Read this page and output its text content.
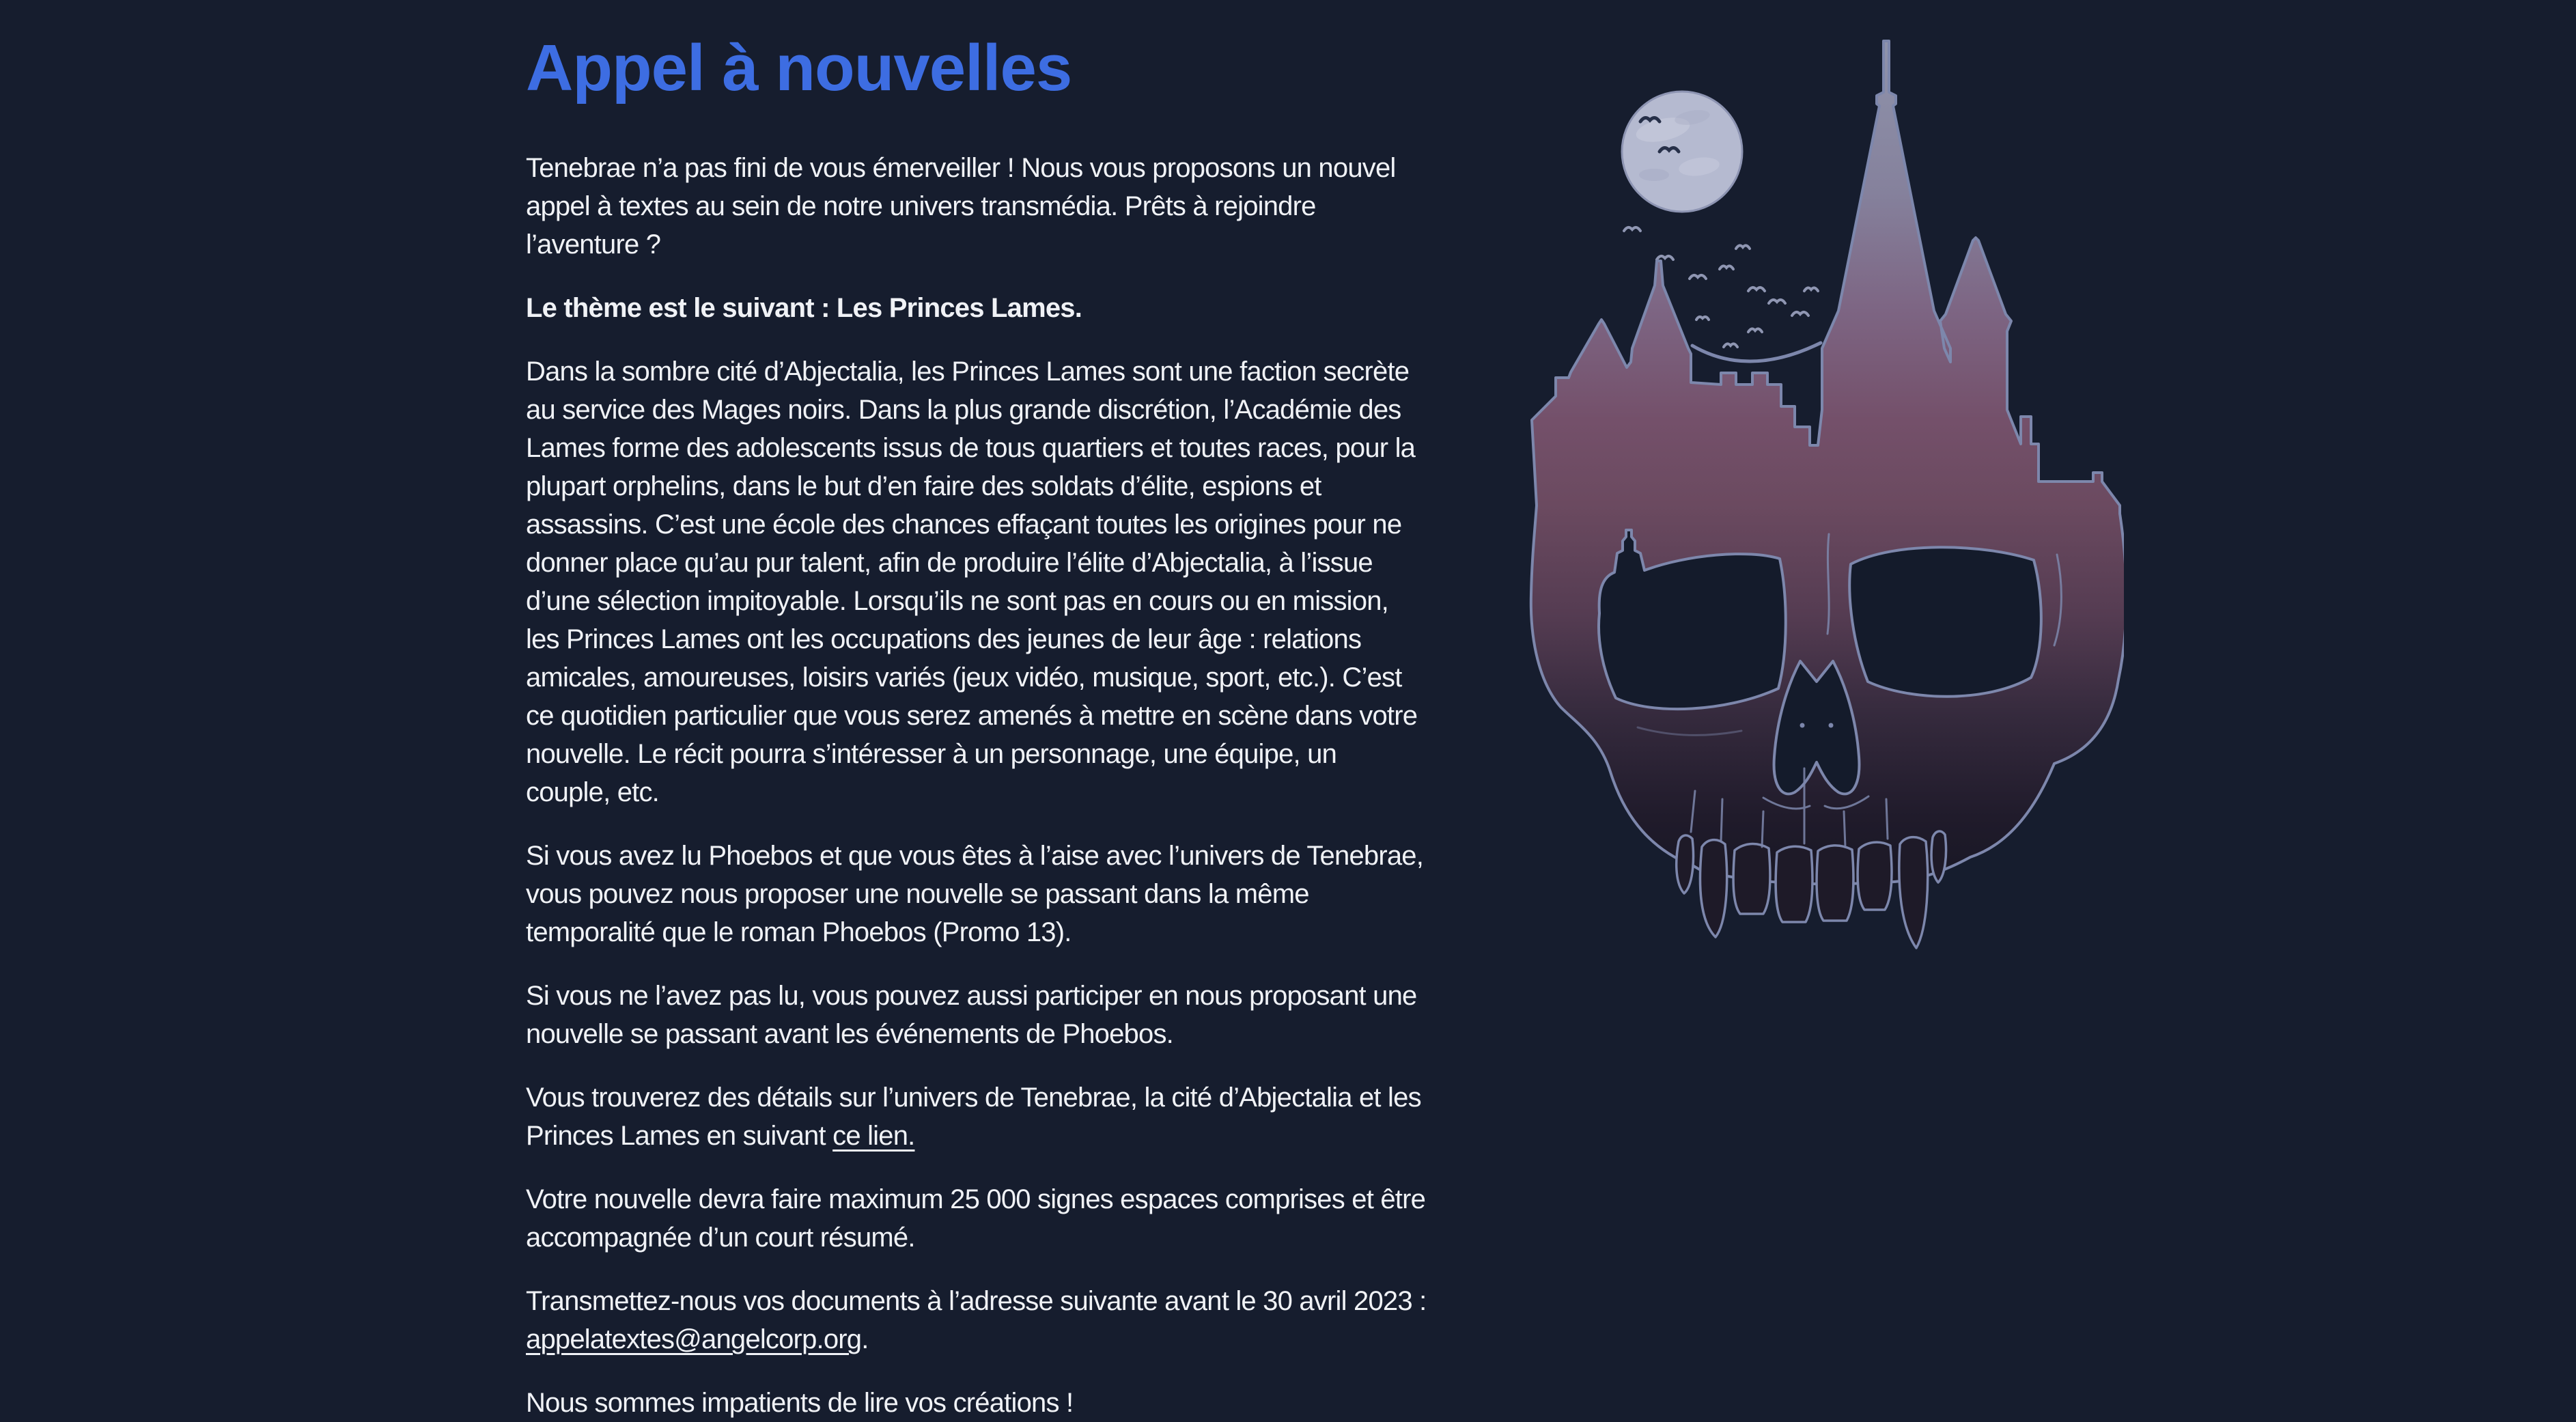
Appel à nouvelles

Tenebrae n’a pas fini de vous émerveiller ! Nous vous proposons un nouvel appel à textes au sein de notre univers transmédia. Prêts à rejoindre l’aventure ?

Le thème est le suivant : Les Princes Lames.

Dans la sombre cité d’Abjectalia, les Princes Lames sont une faction secrète au service des Mages noirs. Dans la plus grande discrétion, l’Académie des Lames forme des adolescents issus de tous quartiers et toutes races, pour la plupart orphelins, dans le but d’en faire des soldats d’élite, espions et assassins. C’est une école des chances effaçant toutes les origines pour ne donner place qu’au pur talent, afin de produire l’élite d’Abjectalia, à l’issue d’une sélection impitoyable. Lorsqu’ils ne sont pas en cours ou en mission, les Princes Lames ont les occupations des jeunes de leur âge : relations amicales, amoureuses, loisirs variés (jeux vidéo, musique, sport, etc.). C’est ce quotidien particulier que vous serez amenés à mettre en scène dans votre nouvelle. Le récit pourra s’intéresser à un personnage, une équipe, un couple, etc.

Si vous avez lu Phoebos et que vous êtes à l’aise avec l’univers de Tenebrae, vous pouvez nous proposer une nouvelle se passant dans la même temporalité que le roman Phoebos (Promo 13).

Si vous ne l’avez pas lu, vous pouvez aussi participer en nous proposant une nouvelle se passant avant les événements de Phoebos.

Vous trouverez des détails sur l’univers de Tenebrae, la cité d’Abjectalia et les Princes Lames en suivant ce lien.

Votre nouvelle devra faire maximum 25 000 signes espaces comprises et être accompagnée d’un court résumé.

Transmettez-nous vos documents à l’adresse suivante avant le 30 avril 2023 : appelatextes@angelcorp.org.

Nous sommes impatients de lire vos créations !
